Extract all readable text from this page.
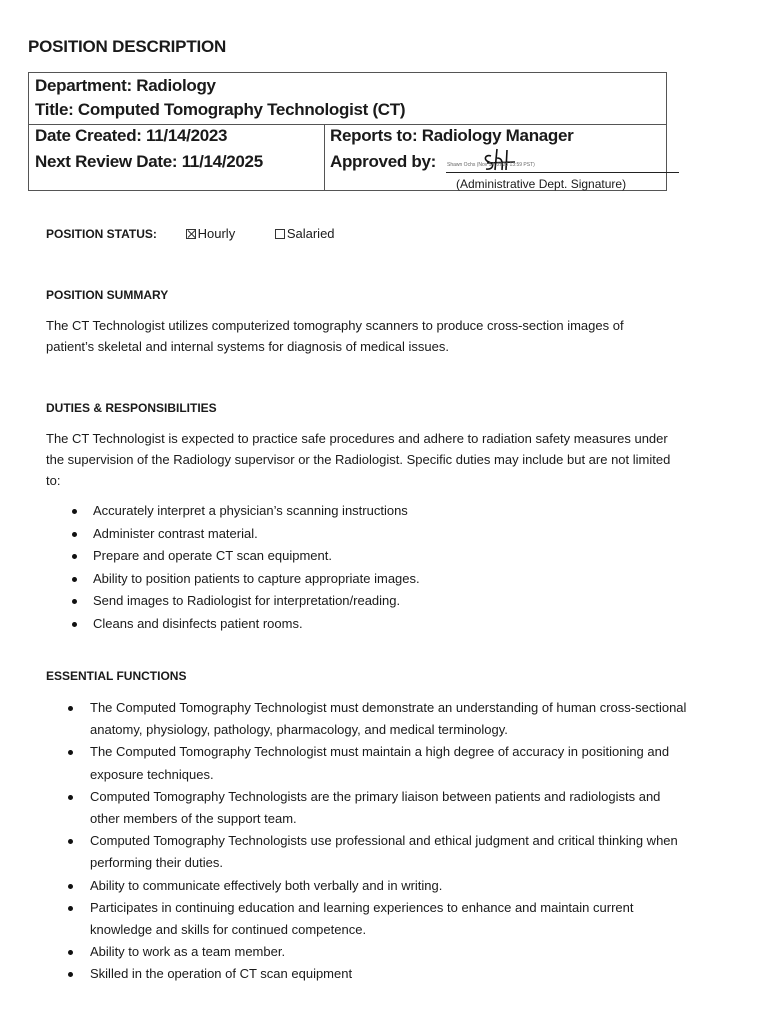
POSITION DESCRIPTION
Department: Radiology
Title: Computed Tomography Technologist (CT)
Date Created: 11/14/2023
Next Review Date: 11/14/2025
Reports to: Radiology Manager
Approved by: Shawn Ochs (Nov 14, 2023 13:59 PST)
(Administrative Dept. Signature)
POSITION STATUS:	Hourly	Salaried
POSITION SUMMARY
The CT Technologist utilizes computerized tomography scanners to produce cross-section images of patient’s skeletal and internal systems for diagnosis of medical issues.
DUTIES & RESPONSIBILITIES
The CT Technologist is expected to practice safe procedures and adhere to radiation safety measures under the supervision of the Radiology supervisor or the Radiologist. Specific duties may include but are not limited to:
Accurately interpret a physician’s scanning instructions
Administer contrast material.
Prepare and operate CT scan equipment.
Ability to position patients to capture appropriate images.
Send images to Radiologist for interpretation/reading.
Cleans and disinfects patient rooms.
ESSENTIAL FUNCTIONS
The Computed Tomography Technologist must demonstrate an understanding of human cross-sectional anatomy, physiology, pathology, pharmacology, and medical terminology.
The Computed Tomography Technologist must maintain a high degree of accuracy in positioning and exposure techniques.
Computed Tomography Technologists are the primary liaison between patients and radiologists and other members of the support team.
Computed Tomography Technologists use professional and ethical judgment and critical thinking when performing their duties.
Ability to communicate effectively both verbally and in writing.
Participates in continuing education and learning experiences to enhance and maintain current knowledge and skills for continued competence.
Ability to work as a team member.
Skilled in the operation of CT scan equipment
